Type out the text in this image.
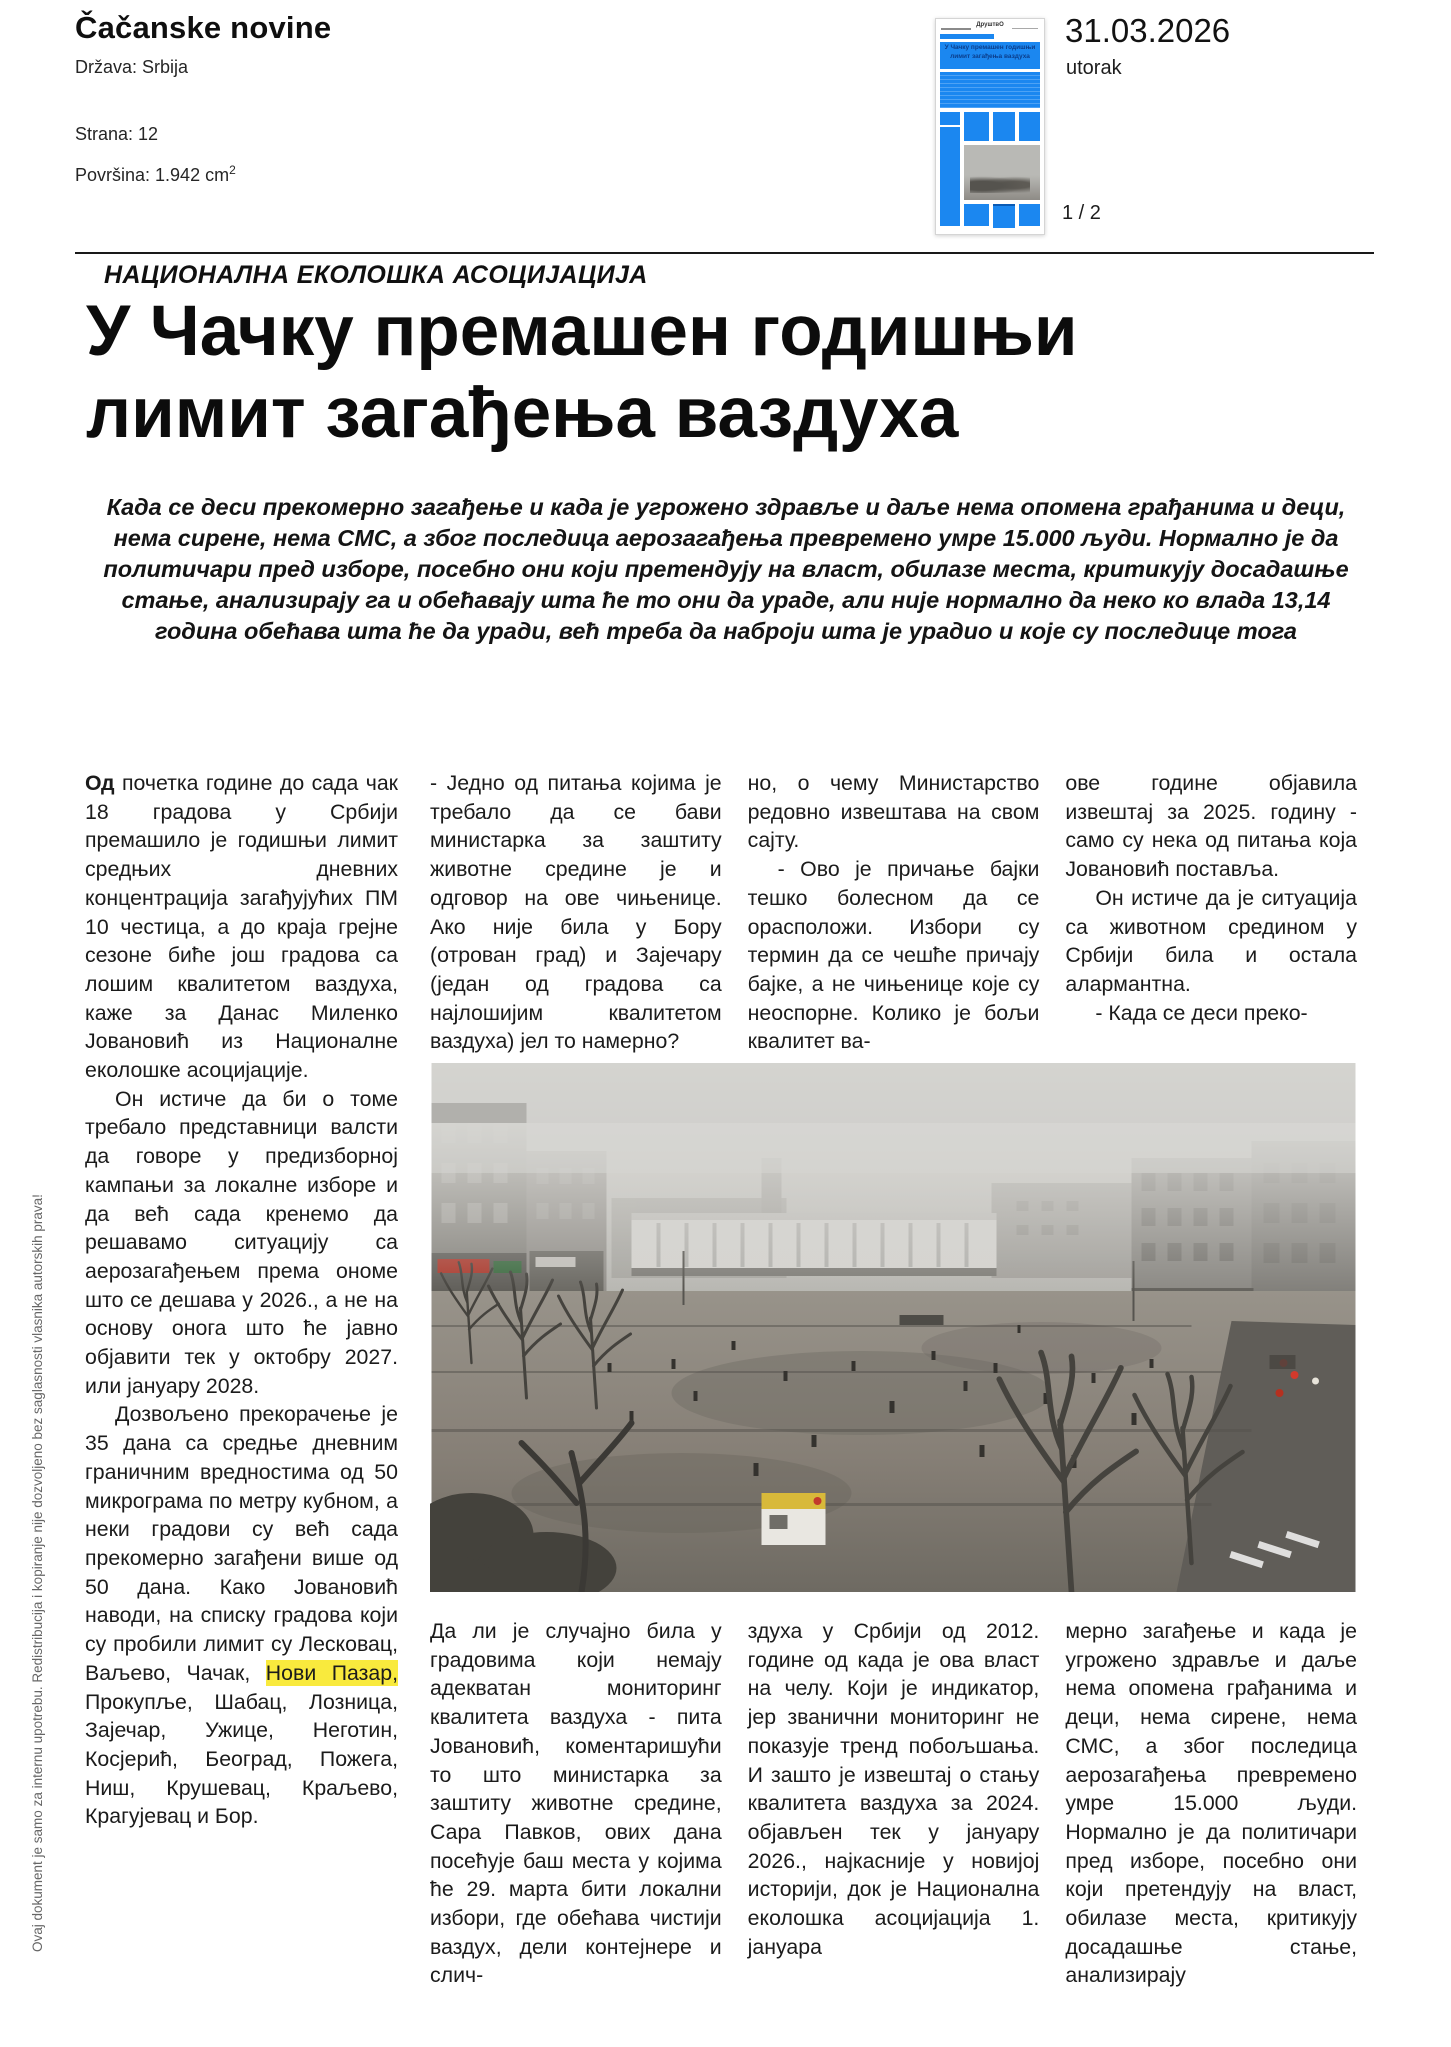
Ovaj dokument je samo za internu upotrebu. Redistribucija i kopiranje nije dozvoljeno bez saglasnosti vlasnika autorskih prava!
Čačanske novine
Država: Srbija
Strana: 12
Površina: 1.942 $cm^2$
ДруштвО
У Чачку премашен годишњи лимит загађења ваздуха
31.03.2026
utorak
1 / 2
НАЦИОНАЛНА ЕКОЛОШКА АСОЦИЈАЦИЈА
У Чачку премашен годишњи
лимит загађења ваздуха
Када се деси прекомерно загађење и када је угрожено здравље и даље нема опомена грађанима и деци, нема сирене, нема СМС, а због последица аерозагађења превремено умре 15.000 људи. Нормално је да политичари пред изборе, посебно они који претендују на власт, обилазе места, критикују досадашње стање, анализирају га и обећавају шта ће то они да ураде, али није нормално да неко ко влада 13,14 година обећава шта ће да уради, већ треба да наброји шта је урадио и које су последице тога

Од почетка године до сада чак 18 градова у Србији премашило је годишњи лимит средњих дневних концентрација загађујућих ПМ 10 честица, а до краја грејне сезоне биће још градова са лошим квалитетом ваздуха, каже за Данас Миленко Јовановић из Националне еколошке асоцијације.

Он истиче да би о томе требало представници валсти да говоре у предизборној кампањи за локалне изборе и да већ сада кренемо да решавамо ситуацију са аерозагађењем према ономе што се дешава у 2026., а не на основу онога што ће јавно објавити тек у октобру 2027. или јануару 2028.

Дозвољено прекорачење је 35 дана са средње дневним граничним вредностима од 50 микрограма по метру кубном, а неки градови су већ сада прекомерно загађени више од 50 дана. Како Јовановић наводи, на списку градова који су пробили лимит су Лесковац, Ваљево, Чачак, Нови Пазар, Прокупље, Шабац, Лозница, Зајечар, Ужице, Неготин, Косјерић, Београд, Пожега, Ниш, Крушевац, Краљево, Крагујевац и Бор.

- Једно од питања којима је требало да се бави министарка за заштиту животне средине је и одговор на ове чињенице. Ако није била у Бору (отрован град) и Зајечару (један од градова са најлошијим квалитетом ваздуха) јел то намерно?

но, о чему Министарство редовно извештава на свом сајту.

- Ово је причање бајки тешко болесном да се орасположи. Избори су термин да се чешће причају бајке, а не чињенице које су неоспорне. Колико је бољи квалитет ва-

ове године објавила извештај за 2025. годину - само су нека од питања која Јовановић поставља.

Он истиче да је ситуација са животном средином у Србији била и остала алармантна.

- Када се деси преко-

Да ли је случајно била у градовима који немају адекватан мониторинг квалитета ваздуха - пита Јовановић, коментаришући то што министарка за заштиту животне средине, Сара Павков, ових дана посећује баш места у којима ће 29. марта бити локални избори, где обећава чистији ваздух, дели контејнере и слич-

здуха у Србији од 2012. године од када је ова власт на челу. Који је индикатор, јер званични мониторинг не показује тренд побољшања. И зашто је извештај о стању квалитета ваздуха за 2024. објављен тек у јануару 2026., најкасније у новијој историји, док је Национална еколошка асоцијација 1. јануара

мерно загађење и када је угрожено здравље и даље нема опомена грађанима и деци, нема сирене, нема СМС, а због последица аерозагађења превремено умре 15.000 људи. Нормално је да политичари пред изборе, посебно они који претендују на власт, обилазе места, критикују досадашње стање, анализирају
